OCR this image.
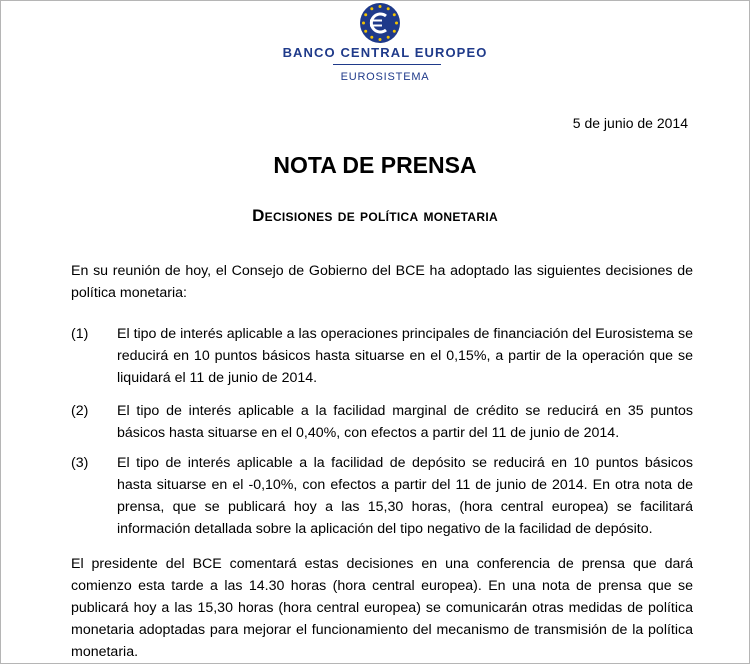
BANCO CENTRAL EUROPEO
EUROSISTEMA
5 de junio de 2014
NOTA DE PRENSA
Decisiones de política monetaria
En su reunión de hoy, el Consejo de Gobierno del BCE ha adoptado las siguientes decisiones de política monetaria:
(1)	El tipo de interés aplicable a las operaciones principales de financiación del Eurosistema se reducirá en 10 puntos básicos hasta situarse en el 0,15%, a partir de la operación que se liquidará el 11 de junio de 2014.
(2)	El tipo de interés aplicable a la facilidad marginal de crédito se reducirá en 35 puntos básicos hasta situarse en el 0,40%, con efectos a partir del 11 de junio de 2014.
(3)	El tipo de interés aplicable a la facilidad de depósito se reducirá en 10 puntos básicos hasta situarse en el -0,10%, con efectos a partir del 11 de junio de 2014. En otra nota de prensa, que se publicará hoy a las 15,30 horas, (hora central europea) se facilitará información detallada sobre la aplicación del tipo negativo de la facilidad de depósito.
El presidente del BCE comentará estas decisiones en una conferencia de prensa que dará comienzo esta tarde a las 14.30 horas (hora central europea). En una nota de prensa que se publicará hoy a las 15,30 horas (hora central europea) se comunicarán otras medidas de política monetaria adoptadas para mejorar el funcionamiento del mecanismo de transmisión de la política monetaria.
